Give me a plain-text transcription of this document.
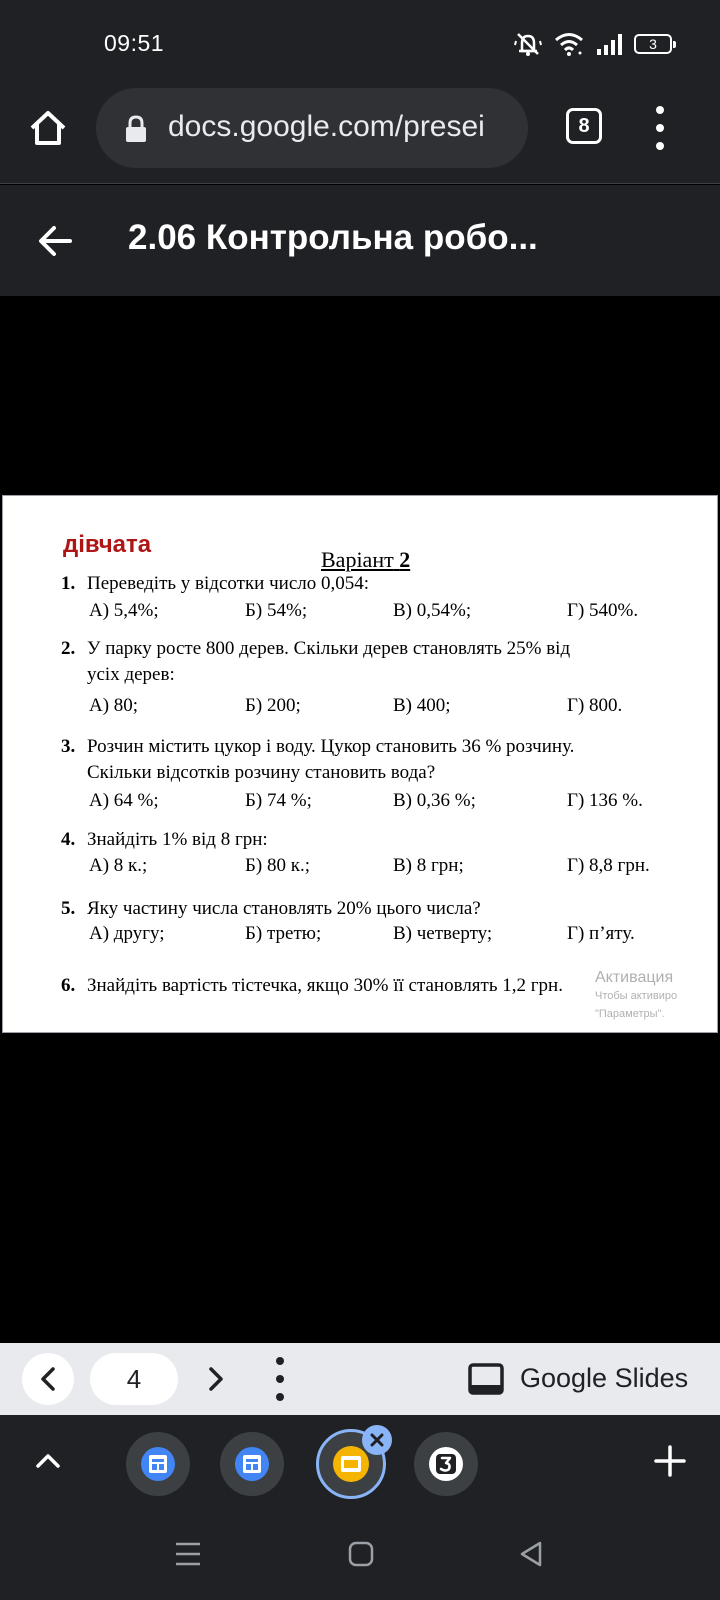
09:51	3
docs.google.com/presei	8
2.06 Контрольна робо...
дівчата
Варіант 2
1. Переведіть у відсотки число 0,054:
А) 5,4%;	Б) 54%;	В) 0,54%;	Г) 540%.
2. У парку росте 800 дерев. Скільки дерев становлять 25% від
усіх дерев:
А) 80;	Б) 200;	В) 400;	Г) 800.
3. Розчин містить цукор і воду. Цукор становить 36 % розчину.
Скільки відсотків розчину становить вода?
А) 64 %;	Б) 74 %;	В) 0,36 %;	Г) 136 %.
4. Знайдіть 1% від 8 грн:
А) 8 к.;	Б) 80 к.;	В) 8 грн;	Г) 8,8 грн.
5. Яку частину числа становлять 20% цього числа?
А) другу;	Б) третю;	В) четверту;	Г) п’яту.
6. Знайдіть вартість тістечка, якщо 30% її становлять 1,2 грн. Активация
Чтобы активиро
"Параметры".
4	Google Slides
